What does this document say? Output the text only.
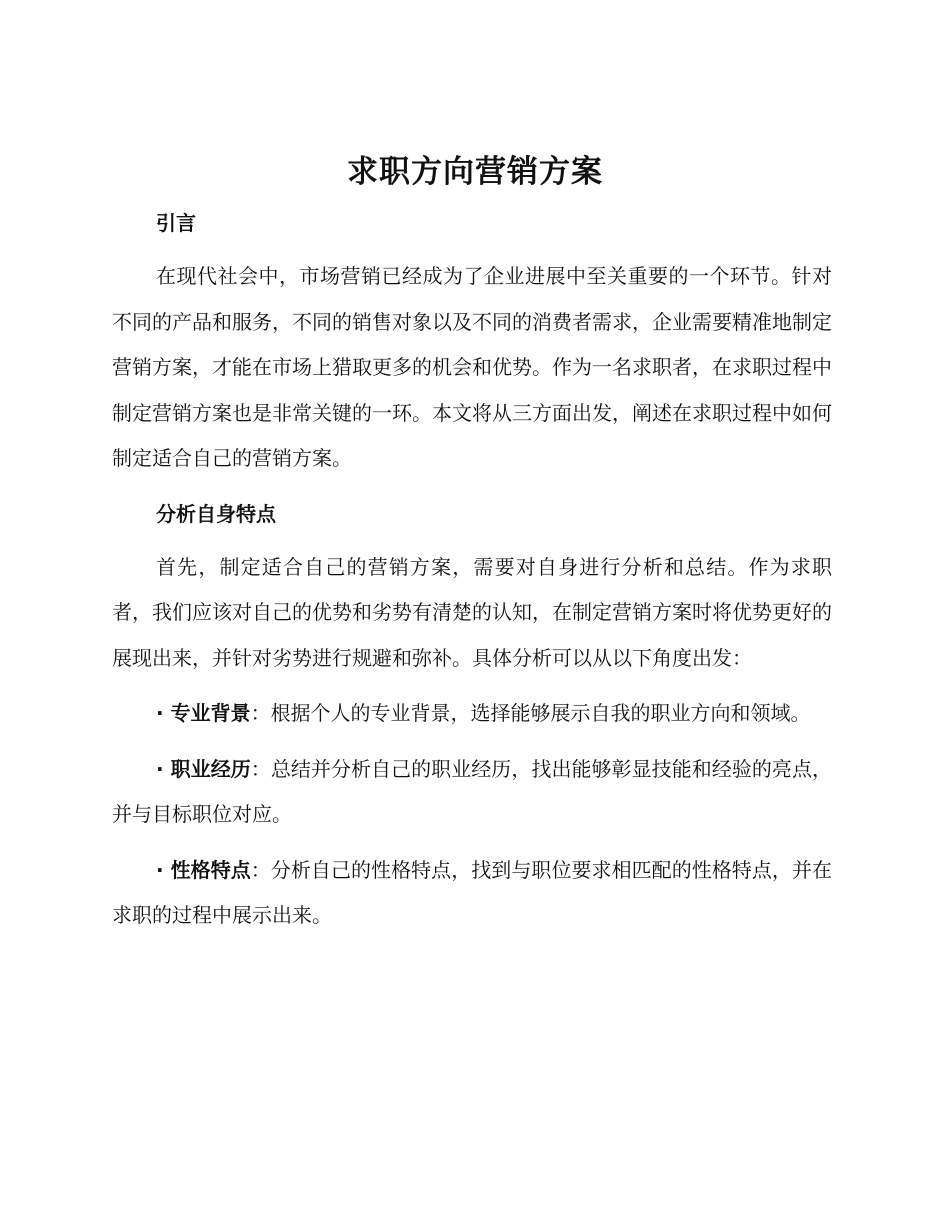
求职方向营销方案
引言

在现代社会中，市场营销已经成为了企业进展中至关重要的一个环节。针对不同的产品和服务，不同的销售对象以及不同的消费者需求，企业需要精准地制定营销方案，才能在市场上猎取更多的机会和优势。作为一名求职者，在求职过程中制定营销方案也是非常关键的一环。本文将从三方面出发，阐述在求职过程中如何制定适合自己的营销方案。

分析自身特点

首先，制定适合自己的营销方案，需要对自身进行分析和总结。作为求职者，我们应该对自己的优势和劣势有清楚的认知，在制定营销方案时将优势更好的展现出来，并针对劣势进行规避和弥补。具体分析可以从以下角度出发：

· 专业背景：根据个人的专业背景，选择能够展示自我的职业方向和领域。

· 职业经历：总结并分析自己的职业经历，找出能够彰显技能和经验的亮点，并与目标职位对应。

· 性格特点：分析自己的性格特点，找到与职位要求相匹配的性格特点，并在求职的过程中展示出来。
